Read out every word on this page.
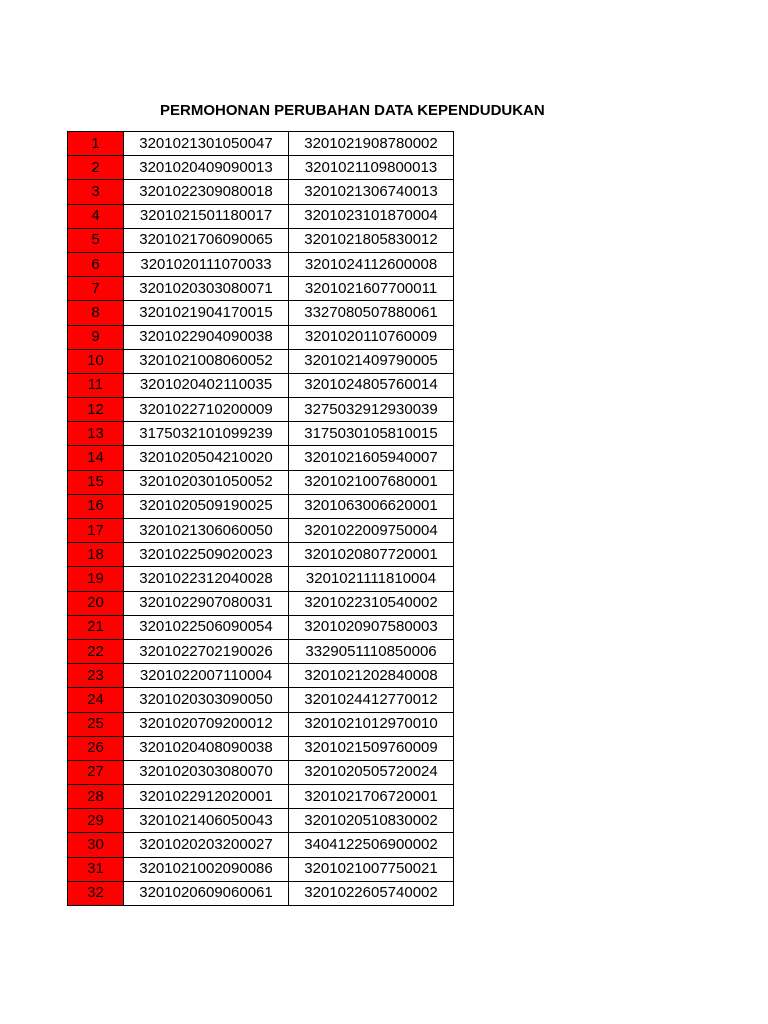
PERMOHONAN PERUBAHAN DATA KEPENDUDUKAN
1	3201021301050047	3201021908780002
2	3201020409090013	3201021109800013
3	3201022309080018	3201021306740013
4	3201021501180017	3201023101870004
5	3201021706090065	3201021805830012
6	3201020111070033	3201024112600008
7	3201020303080071	3201021607700011
8	3201021904170015	3327080507880061
9	3201022904090038	3201020110760009
10	3201021008060052	3201021409790005
11	3201020402110035	3201024805760014
12	3201022710200009	3275032912930039
13	3175032101099239	3175030105810015
14	3201020504210020	3201021605940007
15	3201020301050052	3201021007680001
16	3201020509190025	3201063006620001
17	3201021306060050	3201022009750004
18	3201022509020023	3201020807720001
19	3201022312040028	3201021111810004
20	3201022907080031	3201022310540002
21	3201022506090054	3201020907580003
22	3201022702190026	3329051110850006
23	3201022007110004	3201021202840008
24	3201020303090050	3201024412770012
25	3201020709200012	3201021012970010
26	3201020408090038	3201021509760009
27	3201020303080070	3201020505720024
28	3201022912020001	3201021706720001
29	3201021406050043	3201020510830002
30	3201020203200027	3404122506900002
31	3201021002090086	3201021007750021
32	3201020609060061	3201022605740002
